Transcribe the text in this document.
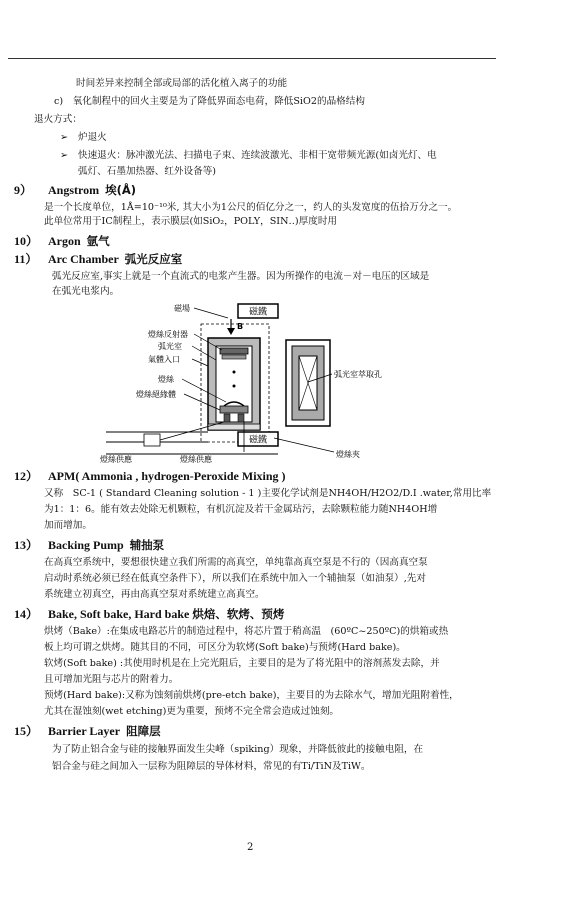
时间差异来控制全部或局部的活化植入离子的功能
c)　氧化制程中的回火主要是为了降低界面态电荷，降低SiO2的晶格结构
退火方式：
➢ 炉退火
➢ 快速退火：脉冲激光法、扫描电子束、连续波激光、非相干宽带频光源(如卤光灯、电
弧灯、石墨加热器、红外设备等)
9） Angstrom 埃(Å)
是一个长度单位，1Å=10⁻¹⁰米, 其大小为1公尺的佰亿分之一，约人的头发宽度的伍拾万分之一。
此单位常用于IC制程上，表示膜层(如SiO₂，POLY，SIN‥)厚度时用
10） Argon 氩气
11） Arc Chamber 弧光反应室
弧光反应室,事实上就是一个直流式的电浆产生器。因为所操作的电流－对－电压的区域是
在弧光电浆内。
磁鐵
B
磁鐵
弧光室萃取孔
磁場
燈絲反射器
弧光室
氣體入口
燈絲
燈絲絕緣體
燈絲供應	燈絲供應
燈絲夾
12） APM( Ammonia , hydrogen-Peroxide Mixing )
又称　SC-1 ( Standard Cleaning solution - 1 )主要化学试剂是NH4OH/H2O2/D.I .water,常用比率
为1：1：6。能有效去处除无机颗粒，有机沉淀及若干金属玷污，去除颗粒能力随NH4OH增
加而增加。
13） Backing Pump 辅抽泵
在高真空系统中，要想很快建立我们所需的高真空，单纯靠高真空泵是不行的（因高真空泵
启动时系统必须已经在低真空条件下），所以我们在系统中加入一个辅抽泵（如油泵）,先对
系统建立初真空，再由高真空泵对系统建立高真空。
14） Bake, Soft bake, Hard bake 烘焙、软烤、预烤
烘烤（Bake）:在集成电路芯片的制造过程中，将芯片置于稍高温　(60ºC~250ºC)的烘箱或热
板上均可谓之烘烤。随其目的不同，可区分为软烤(Soft bake)与预烤(Hard bake)。
软烤(Soft bake) :其使用时机是在上完光阻后，主要目的是为了将光阻中的溶剂蒸发去除，并
且可增加光阻与芯片的附着力。
预烤(Hard bake):又称为蚀刻前烘烤(pre-etch bake)，主要目的为去除水气，增加光阻附着性，
尤其在湿蚀刻(wet etching)更为重要，预烤不完全常会造成过蚀刻。
15） Barrier Layer 阻障层
为了防止铝合金与硅的接触界面发生尖峰（spiking）现象，并降低彼此的接触电阻，在
铝合金与硅之间加入一层称为阻障层的导体材料，常见的有Ti/TiN及TiW。
2
